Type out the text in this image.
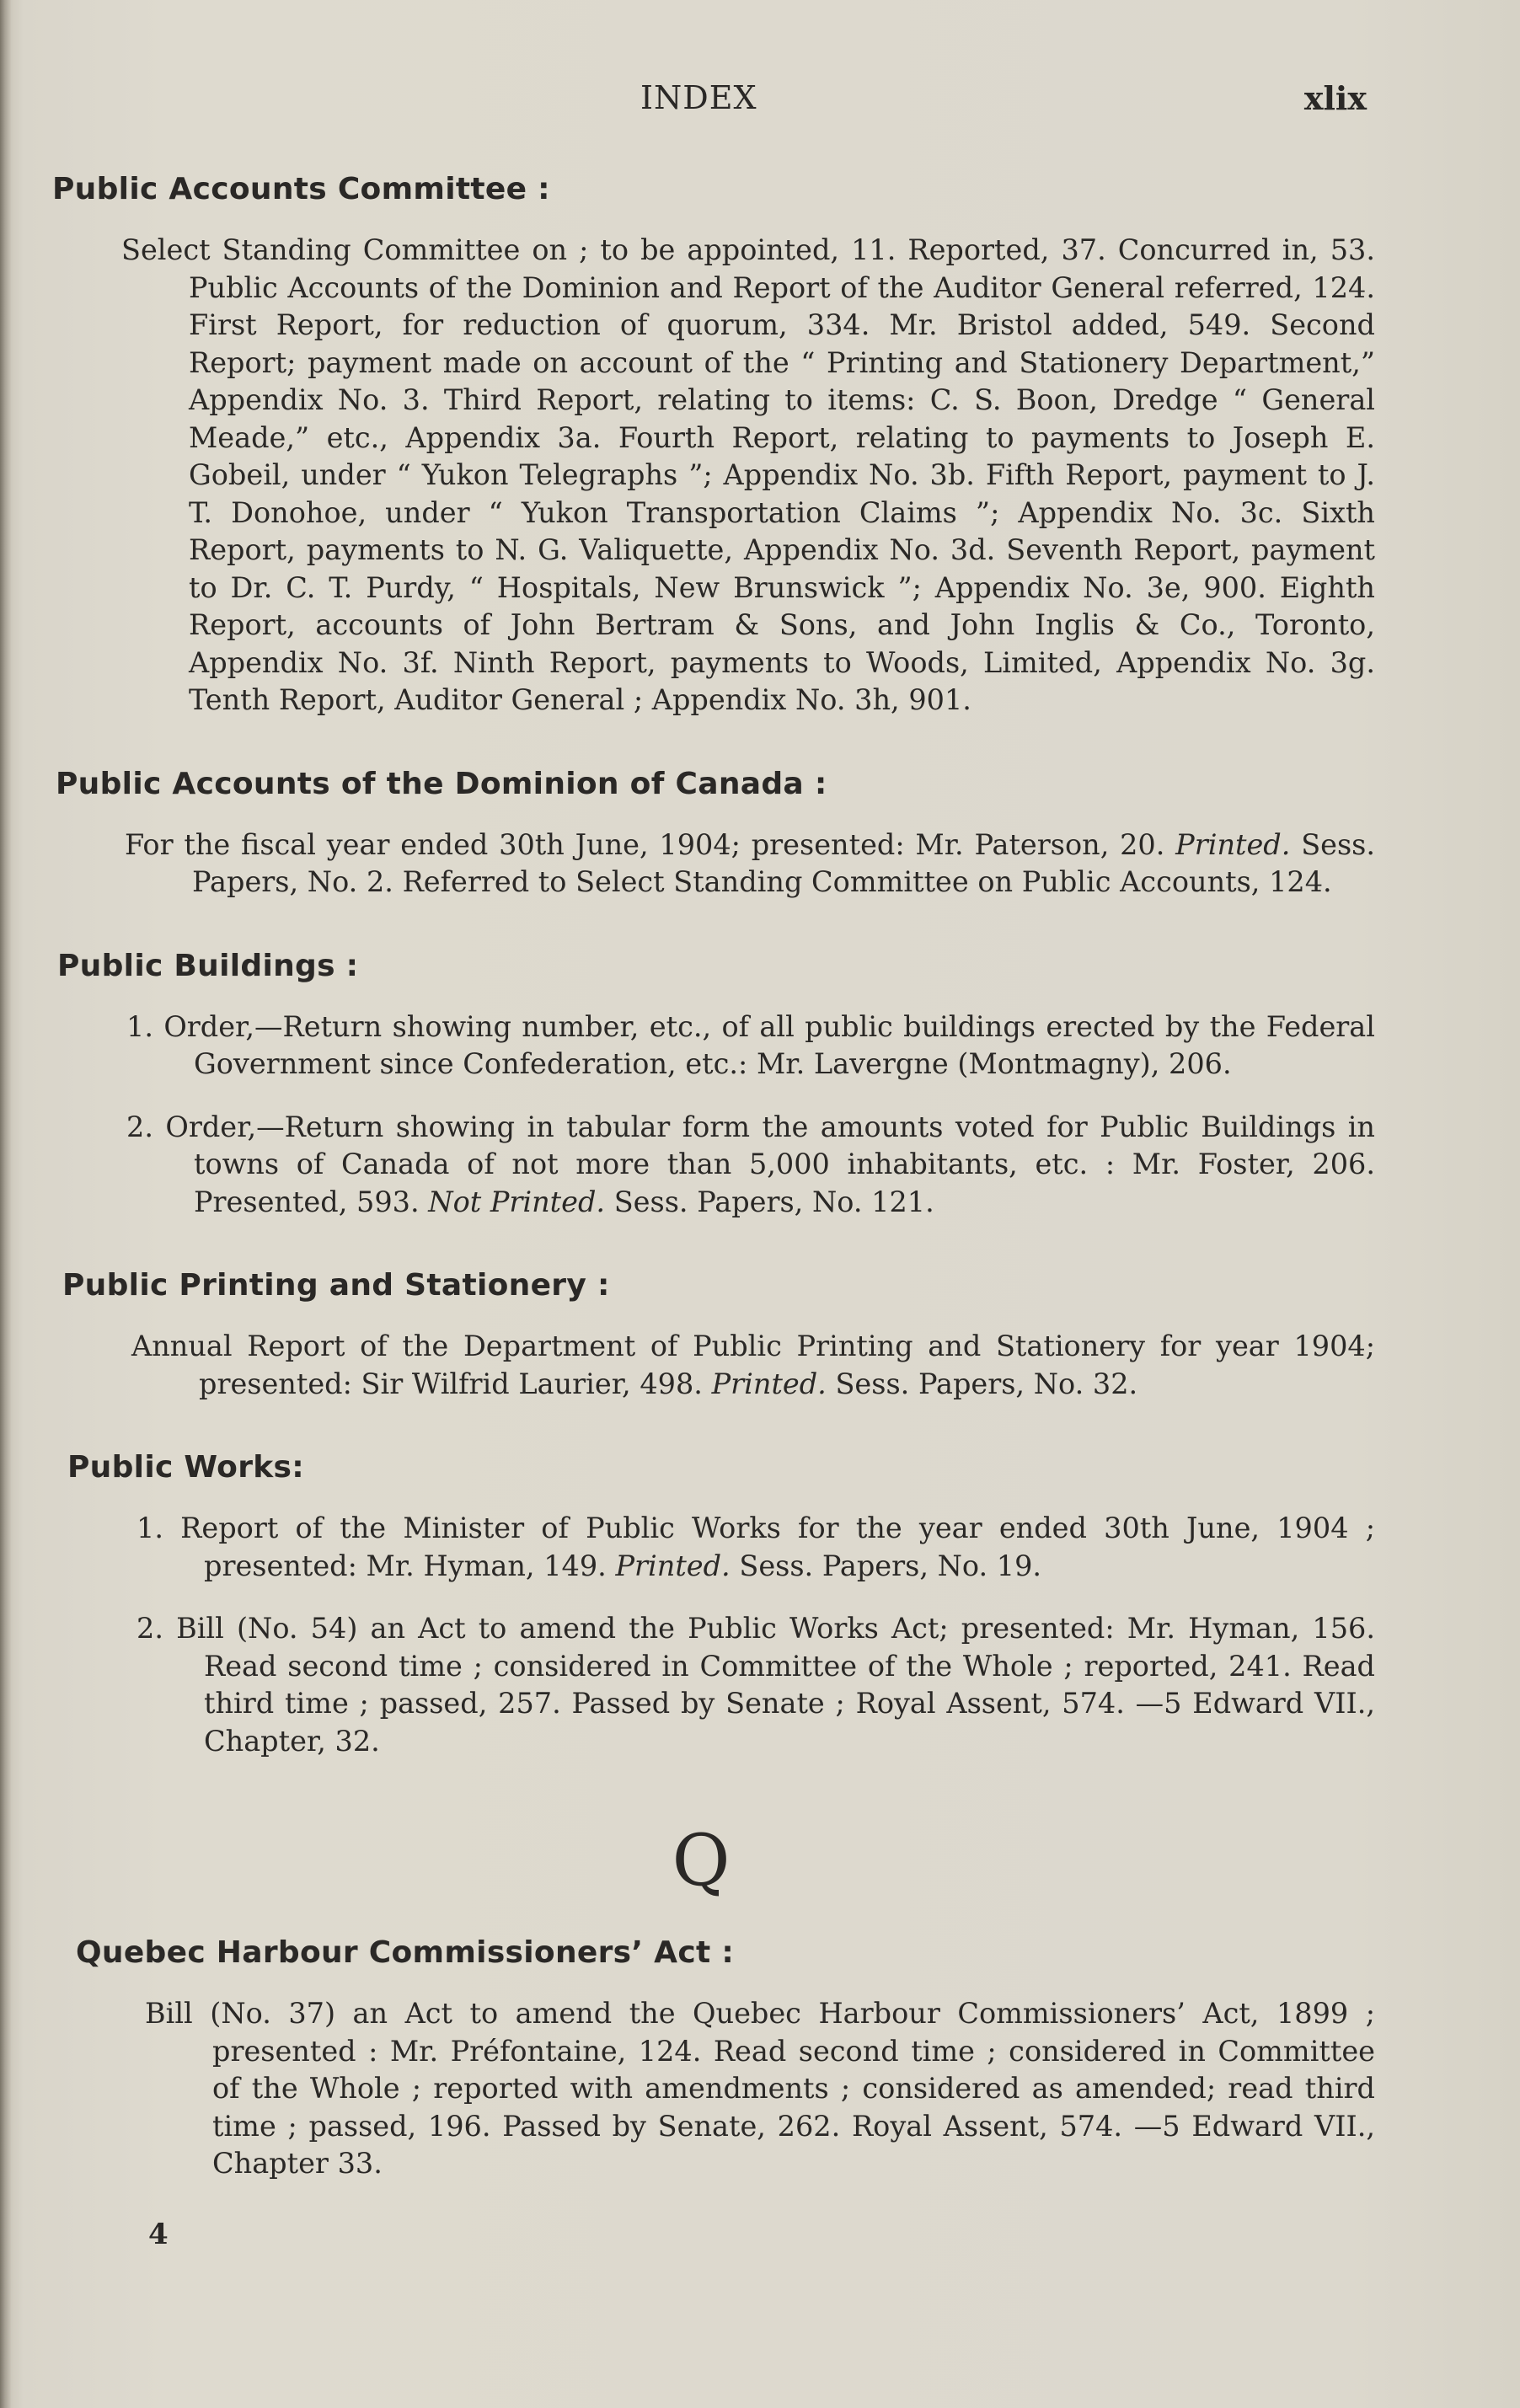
INDEX	xlix
Public Accounts Committee :

Select Standing Committee on ; to be appointed, 11. Reported, 37. Concurred in, 53. Public Accounts of the Dominion and Report of the Auditor General referred, 124. First Report, for reduction of quorum, 334. Mr. Bristol added, 549. Second Report; payment made on account of the “ Printing and Stationery Department,” Appendix No. 3. Third Report, relating to items: C. S. Boon, Dredge “ General Meade,” etc., Appendix 3a. Fourth Report, relating to payments to Joseph E. Gobeil, under “ Yukon Telegraphs ”; Appendix No. 3b. Fifth Report, payment to J. T. Donohoe, under “ Yukon Transportation Claims ”; Appendix No. 3c. Sixth Report, payments to N. G. Valiquette, Appendix No. 3d. Seventh Report, payment to Dr. C. T. Purdy, “ Hospitals, New Brunswick ”; Appendix No. 3e, 900. Eighth Report, accounts of John Bertram & Sons, and John Inglis & Co., Toronto, Appendix No. 3f. Ninth Report, payments to Woods, Limited, Appendix No. 3g. Tenth Report, Auditor General ; Appendix No. 3h, 901.

Public Accounts of the Dominion of Canada :

For the fiscal year ended 30th June, 1904; presented: Mr. Paterson, 20. Printed. Sess. Papers, No. 2. Referred to Select Standing Committee on Public Accounts, 124.

Public Buildings :

1. Order,—Return showing number, etc., of all public buildings erected by the Federal Government since Confederation, etc.: Mr. Lavergne (Montmagny), 206.

2. Order,—Return showing in tabular form the amounts voted for Public Buildings in towns of Canada of not more than 5,000 inhabitants, etc. : Mr. Foster, 206. Presented, 593. Not Printed. Sess. Papers, No. 121.

Public Printing and Stationery :

Annual Report of the Department of Public Printing and Stationery for year 1904; presented: Sir Wilfrid Laurier, 498. Printed. Sess. Papers, No. 32.

Public Works:

1. Report of the Minister of Public Works for the year ended 30th June, 1904 ; presented: Mr. Hyman, 149. Printed. Sess. Papers, No. 19.

2. Bill (No. 54) an Act to amend the Public Works Act; presented: Mr. Hyman, 156. Read second time ; considered in Committee of the Whole ; reported, 241. Read third time ; passed, 257. Passed by Senate ; Royal Assent, 574. —5 Edward VII., Chapter, 32.

Q
Quebec Harbour Commissioners’ Act :

Bill (No. 37) an Act to amend the Quebec Harbour Commissioners’ Act, 1899 ; presented : Mr. Préfontaine, 124. Read second time ; considered in Committee of the Whole ; reported with amendments ; considered as amended; read third time ; passed, 196. Passed by Senate, 262. Royal Assent, 574. —5 Edward VII., Chapter 33.

4
